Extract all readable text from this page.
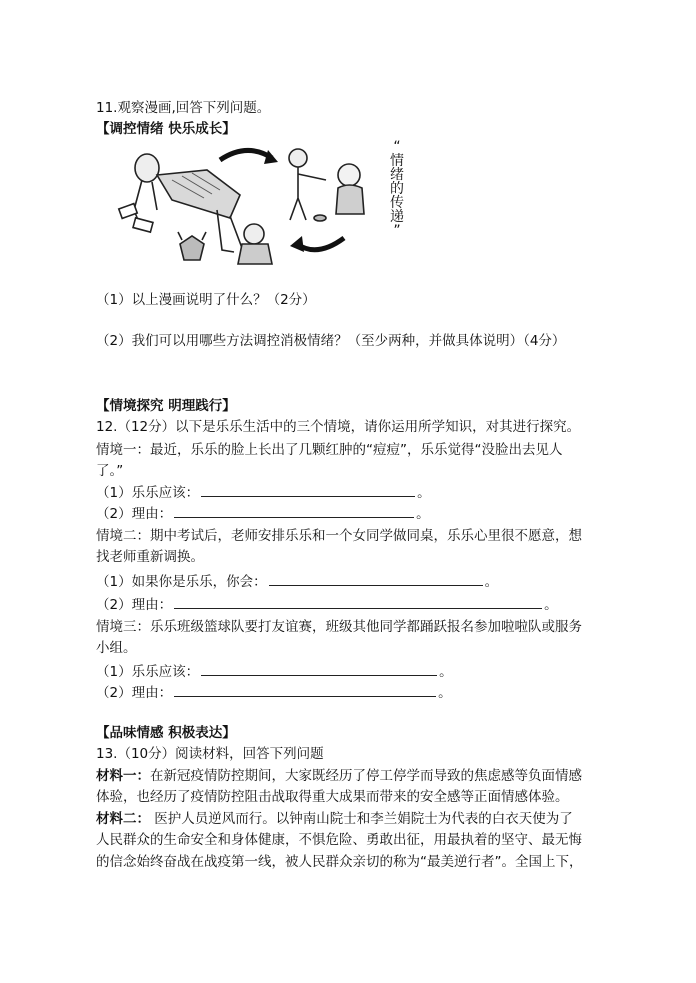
11.观察漫画,回答下列问题。
【调控情绪 快乐成长】
“
情
绪
的
传
递
”
（1）以上漫画说明了什么？（2分）
（2）我们可以用哪些方法调控消极情绪？（至少两种，并做具体说明）（4分）
【情境探究 明理践行】
12.（12分）以下是乐乐生活中的三个情境，请你运用所学知识，对其进行探究。
情境一：最近，乐乐的脸上长出了几颗红肿的“痘痘”，乐乐觉得“没脸出去见人
了。”
（1）乐乐应该：	。
（2）理由：	。
情境二：期中考试后，老师安排乐乐和一个女同学做同桌，乐乐心里很不愿意，想
找老师重新调换。
（1）如果你是乐乐，你会：	。
（2）理由：	。
情境三：乐乐班级篮球队要打友谊赛，班级其他同学都踊跃报名参加啦啦队或服务
小组。
（1）乐乐应该：	。
（2）理由：	。
【品味情感 积极表达】
13.（10分）阅读材料，回答下列问题
材料一：在新冠疫情防控期间，大家既经历了停工停学而导致的焦虑感等负面情感
体验，也经历了疫情防控阻击战取得重大成果而带来的安全感等正面情感体验。
材料二： 医护人员逆风而行。以钟南山院士和李兰娟院士为代表的白衣天使为了
人民群众的生命安全和身体健康，不惧危险、勇敢出征，用最执着的坚守、最无悔
的信念始终奋战在战疫第一线，被人民群众亲切的称为“最美逆行者”。全国上下，
